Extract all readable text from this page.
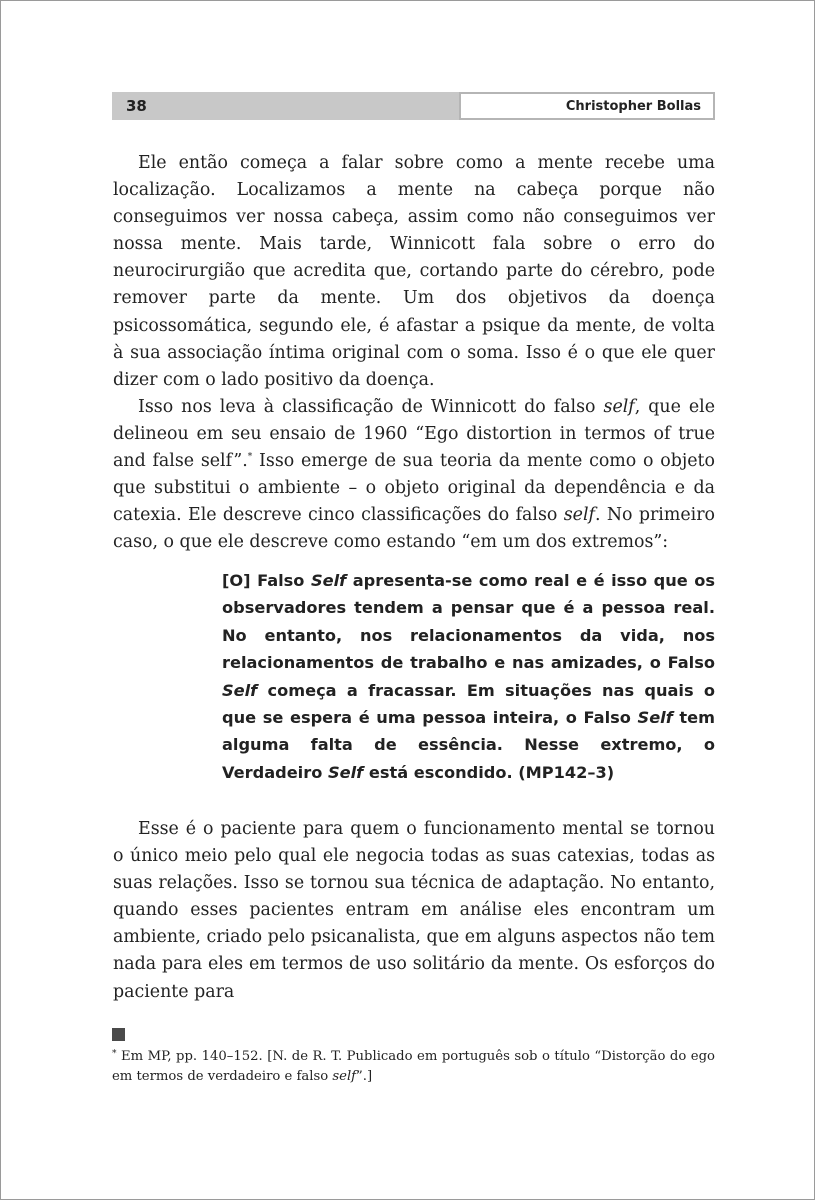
38	Christopher Bollas

Ele então começa a falar sobre como a mente recebe uma localização. Localizamos a mente na cabeça porque não conseguimos ver nossa cabeça, assim como não conseguimos ver nossa mente. Mais tarde, Winnicott fala sobre o erro do neurocirurgião que acredita que, cortando parte do cérebro, pode remover parte da mente. Um dos objetivos da doença psicossomática, segundo ele, é afastar a psique da mente, de volta à sua associação íntima original com o soma. Isso é o que ele quer dizer com o lado positivo da doença.

Isso nos leva à classificação de Winnicott do falso self, que ele delineou em seu ensaio de 1960 “Ego distortion in termos of true and false self”.* Isso emerge de sua teoria da mente como o objeto que substitui o ambiente – o objeto original da dependência e da catexia. Ele descreve cinco classificações do falso self. No primeiro caso, o que ele descreve como estando “em um dos extremos”:

[O] Falso Self apresenta-se como real e é isso que os observadores tendem a pensar que é a pessoa real. No entanto, nos relacionamentos da vida, nos relacionamentos de trabalho e nas amizades, o Falso Self começa a fracassar. Em situações nas quais o que se espera é uma pessoa inteira, o Falso Self tem alguma falta de essência. Nesse extremo, o Verdadeiro Self está escondido. (MP142–3)

Esse é o paciente para quem o funcionamento mental se tornou o único meio pelo qual ele negocia todas as suas catexias, todas as suas relações. Isso se tornou sua técnica de adaptação. No entanto, quando esses pacientes entram em análise eles encontram um ambiente, criado pelo psicanalista, que em alguns aspectos não tem nada para eles em termos de uso solitário da mente. Os esforços do paciente para

* Em MP, pp. 140–152. [N. de R. T. Publicado em português sob o título “Distorção do ego em termos de verdadeiro e falso self”.]
